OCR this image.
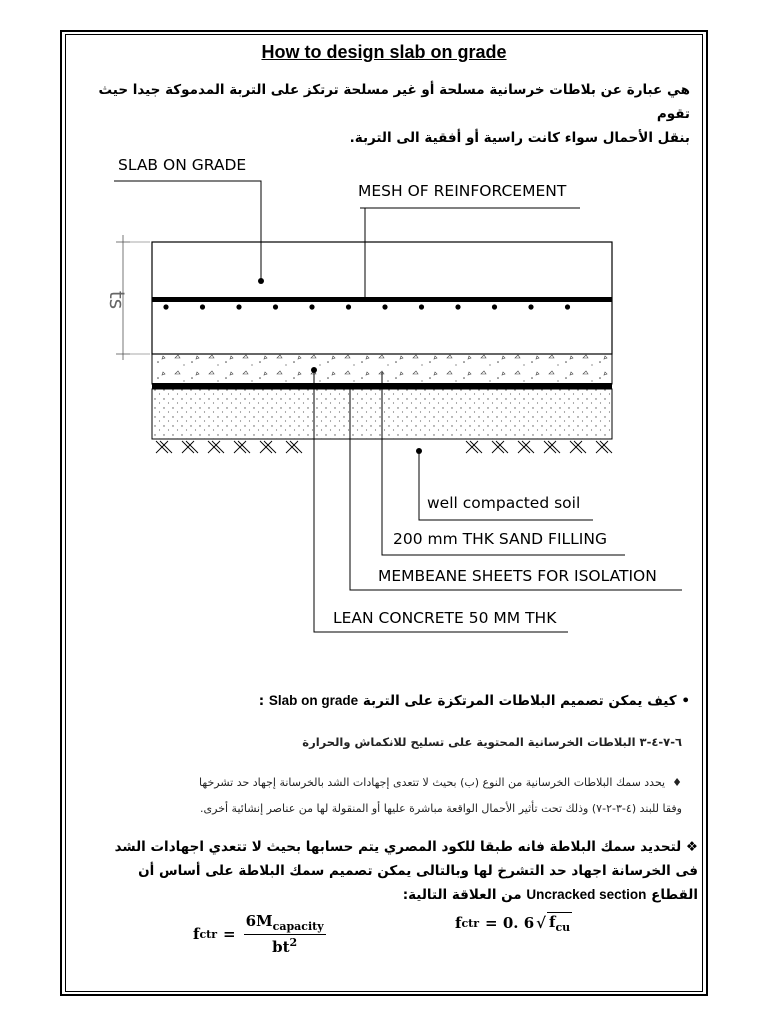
How to design slab on grade

هي عبارة عن بلاطات خرسانية مسلحة أو غير مسلحة ترتكز على التربة المدموكة جيدا حيث تقوم

بنقل الأحمال سواء كانت راسية أو أفقية الى التربة.

ts
SLAB ON GRADE
MESH OF REINFORCEMENT
well compacted soil
200 mm THK SAND FILLING
MEMBEANE SHEETS FOR ISOLATION
LEAN CONCRETE 50 MM THK
• كيف يمكن تصميم البلاطات المرتكزة على التربة Slab on grade :
٦-٧-٤-٣ البلاطات الخرسانية المحتوية على تسليح للانكماش والحرارة

♦  يحدد سمك البلاطات الخرسانية من النوع (ب) بحيث لا تتعدى إجهادات الشد بالخرسانة إجهاد حد تشرخها

وفقا للبند (٤-٣-٢-٧) وذلك تحت تأثير الأحمال الواقعة مباشرة عليها أو المنقولة لها من عناصر إنشائية أخرى.

❖ لتحديد سمك البلاطة فانه طبقا للكود المصري يتم حسابها بحيث لا تتعدي اجهادات الشد

فى الخرسانة اجهاد حد التشرخ لها وبالتالى يمكن تصميم سمك البلاطة على أساس أن

القطاع Uncracked section من العلاقة التالية:

f ctr = $\frac{6M_{capacity}}{bt^2}$	f ctr = 0. 6 √ $f_{cu}$
